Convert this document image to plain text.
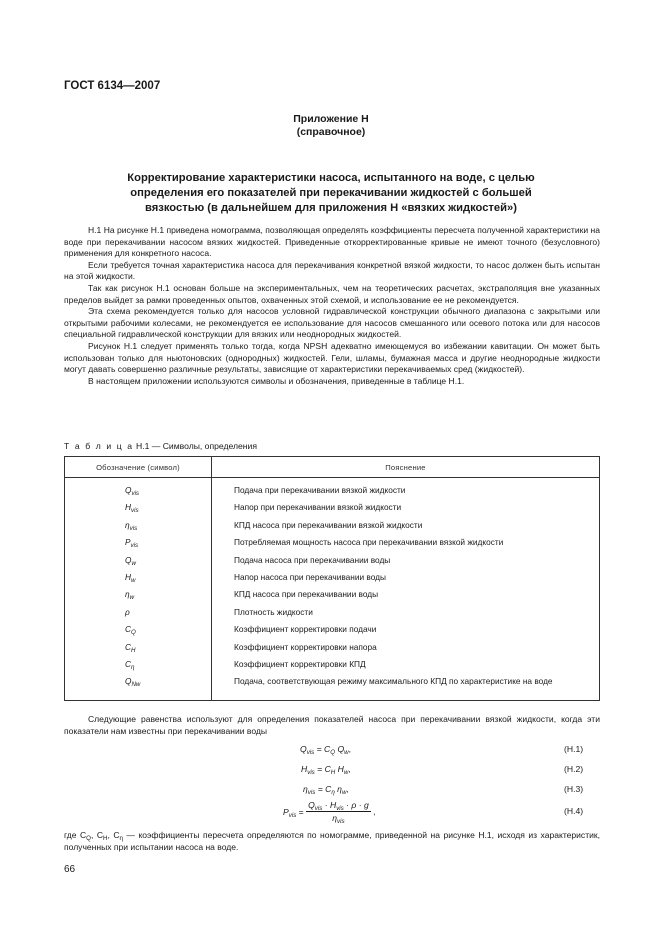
ГОСТ 6134—2007
Приложение Н
(справочное)
Корректирование характеристики насоса, испытанного на воде, с целью
определения его показателей при перекачивании жидкостей с большей
вязкостью (в дальнейшем для приложения Н «вязких жидкостей»)

Н.1 На рисунке Н.1 приведена номограмма, позволяющая определять коэффициенты пересчета полученной характеристики на воде при перекачивании насосом вязких жидкостей. Приведенные откорректированные кривые не имеют точного (безусловного) применения для конкретного насоса.

Если требуется точная характеристика насоса для перекачивания конкретной вязкой жидкости, то насос должен быть испытан на этой жидкости.

Так как рисунок Н.1 основан больше на экспериментальных, чем на теоретических расчетах, экстраполяция вне указанных пределов выйдет за рамки проведенных опытов, охваченных этой схемой, и использование ее не рекомендуется.

Эта схема рекомендуется только для насосов условной гидравлической конструкции обычного диапазона с закрытыми или открытыми рабочими колесами, не рекомендуется ее использование для насосов смешанного или осевого потока или для насосов специальной гидравлической конструкции для вязких или неоднородных жидкостей.

Рисунок Н.1 следует применять только тогда, когда NPSH адекватно имеющемуся во избежании кавитации. Он может быть использован только для ньютоновских (однородных) жидкостей. Гели, шламы, бумажная масса и другие неоднородные жидкости могут давать совершенно различные результаты, зависящие от характеристики перекачиваемых сред (жидкостей).

В настоящем приложении используются символы и обозначения, приведенные в таблице Н.1.

Т а б л и ц а Н.1 — Символы, определения
Обозначение (символ)	Пояснение
$Q_{vis}$	Подача при перекачивании вязкой жидкости
$H_{vis}$	Напор при перекачивании вязкой жидкости
$\eta_{vis}$	КПД насоса при перекачивании вязкой жидкости
$P_{vis}$	Потребляемая мощность насоса при перекачивании вязкой жидкости
$Q_w$	Подача насоса при перекачивании воды
$H_w$	Напор насоса при перекачивании воды
$\eta_w$	КПД насоса при перекачивании воды
ρ	Плотность жидкости
$C_Q$	Коэффициент корректировки подачи
$C_H$	Коэффициент корректировки напора
$C_\eta$	Коэффициент корректировки КПД
$Q_{Nw}$	Подача, соответствующая режиму максимального КПД по характеристике на воде

Следующие равенства используют для определения показателей насоса при перекачивании вязкой жидкости, когда эти показатели нам известны при перекачивании воды

$Q_{vis} = C_Q$ $Q_w$,	(Н.1)
$H_{vis} = C_H$ $H_w$,	(Н.2)
$\eta_{vis} = C_\eta$ $\eta_w$,	(Н.3)
$P_{vis} = \frac{Q_{vis} \cdot H_{vis} \cdot \rho \cdot g}{\eta_{vis}}$ ,	(Н.4)
где $C_Q$, $C_H$, $C_\eta$ — коэффициенты пересчета определяются по номограмме, приведенной на рисунке Н.1, исходя из характеристик, полученных при испытании насоса на воде.
66
